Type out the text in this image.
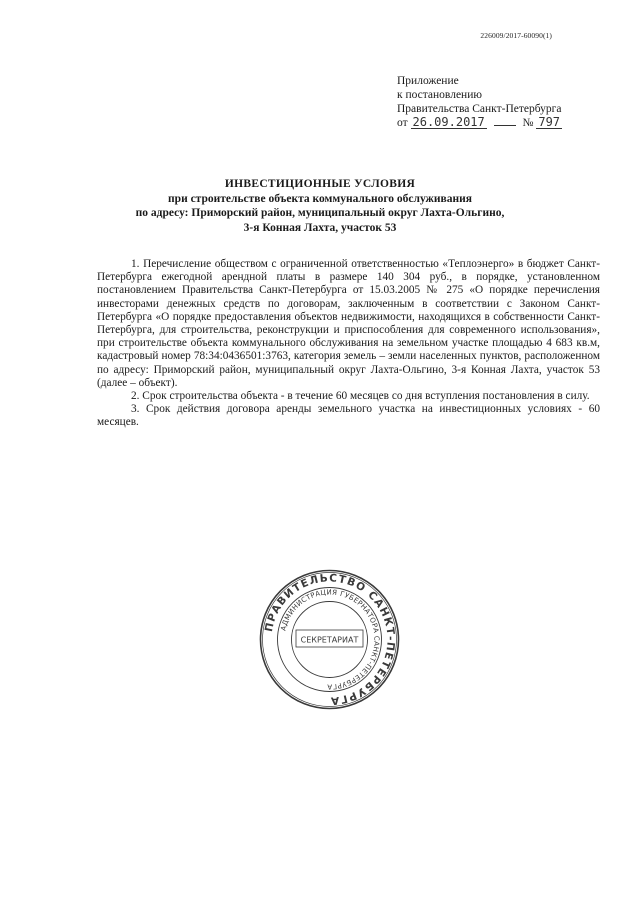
226009/2017-60090(1)
Приложение
к постановлению
Правительства Санкт-Петербурга
от 26.09.2017	№ 797
ИНВЕСТИЦИОННЫЕ УСЛОВИЯ
при строительстве объекта коммунального обслуживания
по адресу: Приморский район, муниципальный округ Лахта-Ольгино,
3-я Конная Лахта, участок 53

1. Перечисление обществом с ограниченной ответственностью «Теплоэнерго» в бюджет Санкт-Петербурга ежегодной арендной платы в размере 140 304 руб., в порядке, установленном постановлением Правительства Санкт-Петербурга от 15.03.2005 № 275 «О порядке перечисления инвесторами денежных средств по договорам, заключенным в соответствии с Законом Санкт-Петербурга «О порядке предоставления объектов недвижимости, находящихся в собственности Санкт-Петербурга, для строительства, реконструкции и приспособления для современного использования», при строительстве объекта коммунального обслуживания на земельном участке площадью 4 683 кв.м, кадастровый номер 78:34:0436501:3763, категория земель – земли населенных пунктов, расположенном по адресу: Приморский район, муниципальный округ Лахта-Ольгино, 3-я Конная Лахта, участок 53 (далее – объект).

2. Срок строительства объекта - в течение 60 месяцев со дня вступления постановления в силу.

3. Срок действия договора аренды земельного участка на инвестиционных условиях - 60 месяцев.

ПРАВИТЕЛЬСТВО САНКТ-ПЕТЕРБУРГА
АДМИНИСТРАЦИЯ ГУБЕРНАТОРА САНКТ-ПЕТЕРБУРГА
СЕКРЕТАРИАТ
